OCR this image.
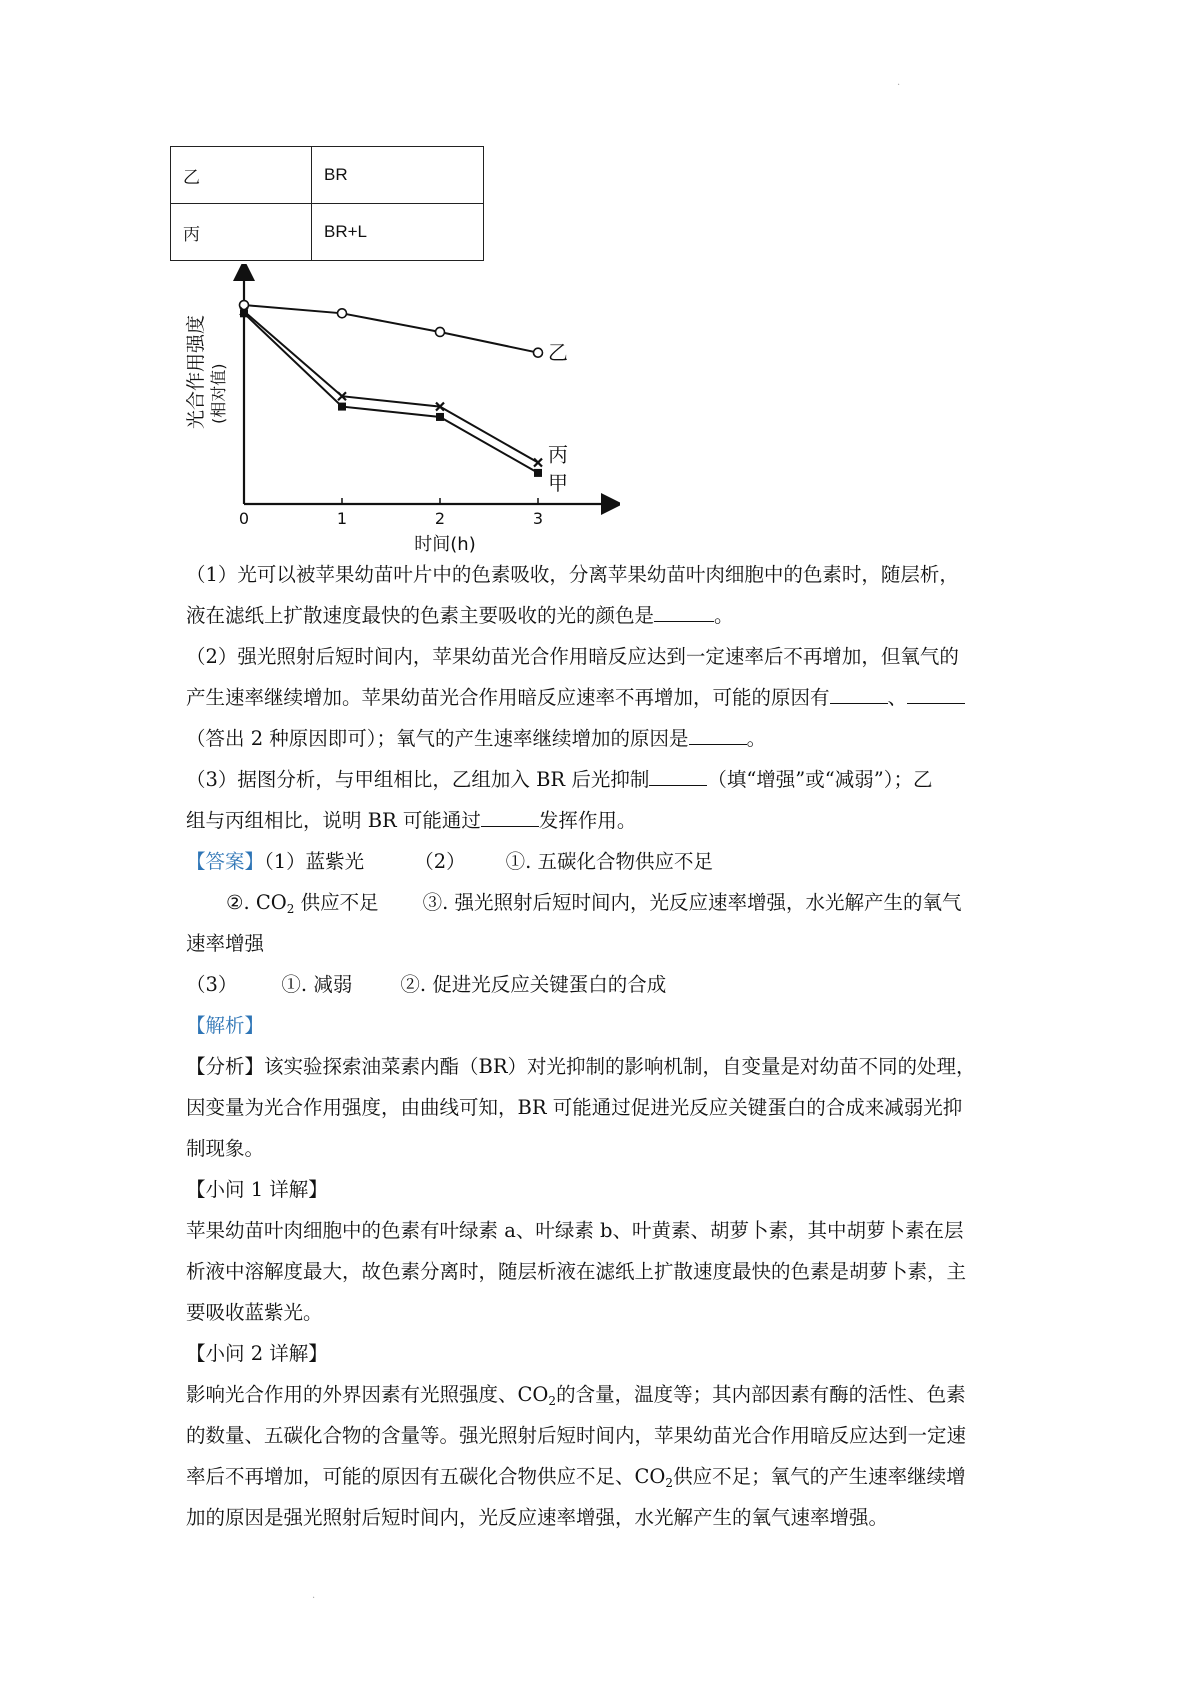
·
乙	BR
丙	BR+L
0	1	2	3
乙
丙
甲
光合作用强度 (相对值)
时间(h)
（1）光可以被苹果幼苗叶片中的色素吸收，分离苹果幼苗叶肉细胞中的色素时，随层析，
液在滤纸上扩散速度最快的色素主要吸收的光的颜色是	。
（2）强光照射后短时间内，苹果幼苗光合作用暗反应达到一定速率后不再增加，但氧气的
产生速率继续增加。苹果幼苗光合作用暗反应速率不再增加，可能的原因有	、
（答出 2 种原因即可）；氧气的产生速率继续增加的原因是	。
（3）据图分析，与甲组相比，乙组加入 BR 后光抑制	（填“增强”或“减弱”）；乙
组与丙组相比，说明 BR 可能通过	发挥作用。
【答案】（1）蓝紫光	（2） ①. 五碳化合物供应不足
②. $CO_2$ 供应不足 ③. 强光照射后短时间内，光反应速率增强，水光解产生的氧气
速率增强
（3） ①. 减弱 ②. 促进光反应关键蛋白的合成
【解析】
【分析】该实验探索油菜素内酯（BR）对光抑制的影响机制，自变量是对幼苗不同的处理，
因变量为光合作用强度，由曲线可知，BR 可能通过促进光反应关键蛋白的合成来减弱光抑
制现象。
【小问 1 详解】
苹果幼苗叶肉细胞中的色素有叶绿素 a、叶绿素 b、叶黄素、胡萝卜素，其中胡萝卜素在层
析液中溶解度最大，故色素分离时，随层析液在滤纸上扩散速度最快的色素是胡萝卜素，主
要吸收蓝紫光。
【小问 2 详解】
影响光合作用的外界因素有光照强度、$CO_2$的含量，温度等；其内部因素有酶的活性、色素
的数量、五碳化合物的含量等。强光照射后短时间内，苹果幼苗光合作用暗反应达到一定速
率后不再增加，可能的原因有五碳化合物供应不足、$CO_2$供应不足；氧气的产生速率继续增
加的原因是强光照射后短时间内，光反应速率增强，水光解产生的氧气速率增强。
·
